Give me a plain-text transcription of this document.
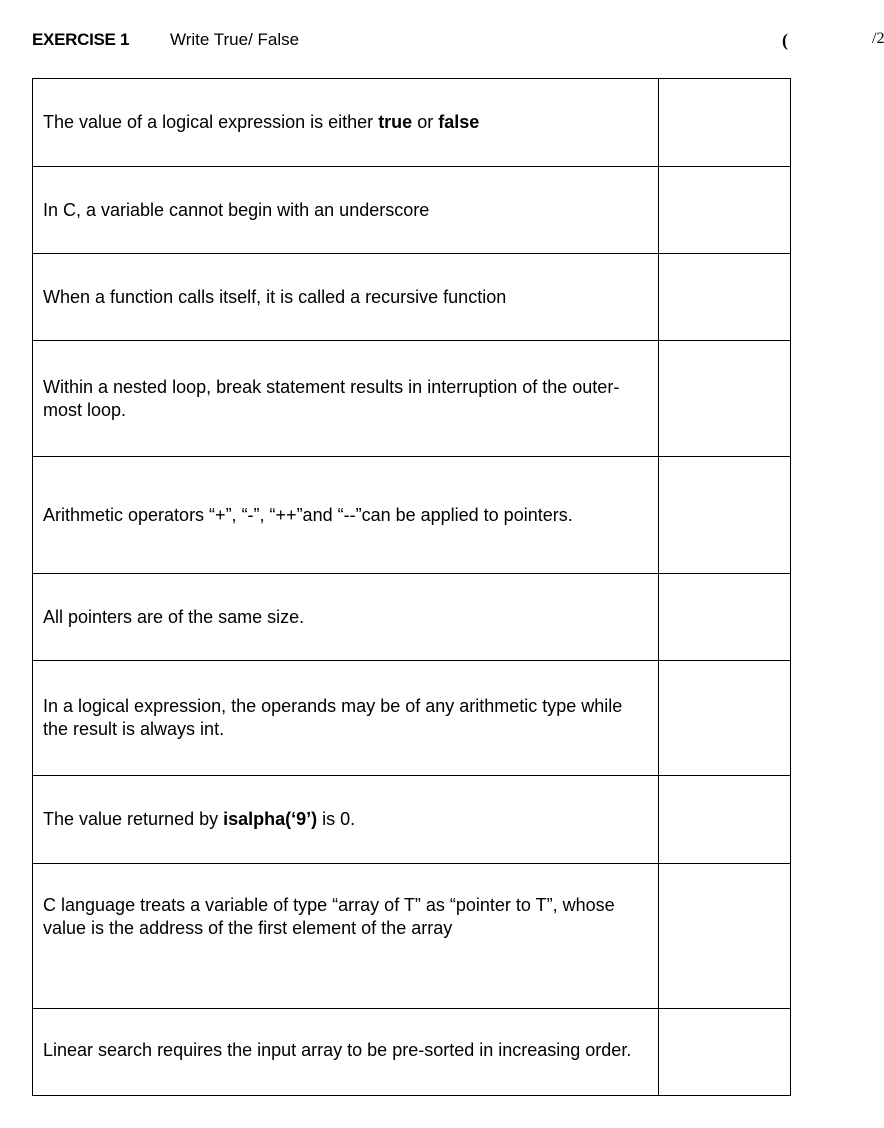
EXERCISE 1 Write True/ False	(	/2
The value of a logical expression is either true or false	
In C, a variable cannot begin with an underscore	
When a function calls itself, it is called a recursive function	
Within a nested loop, break statement results in interruption of the outer-most loop.	
Arithmetic operators “+”, “-”, “++”and “--”can be applied to pointers.	
All pointers are of the same size.	
In a logical expression, the operands may be of any arithmetic type while the result is always int.	
The value returned by isalpha(‘9’) is 0.	
C language treats a variable of type “array of T” as “pointer to T”, whose value is the address of the first element of the array	
Linear search requires the input array to be pre-sorted in increasing order.	
